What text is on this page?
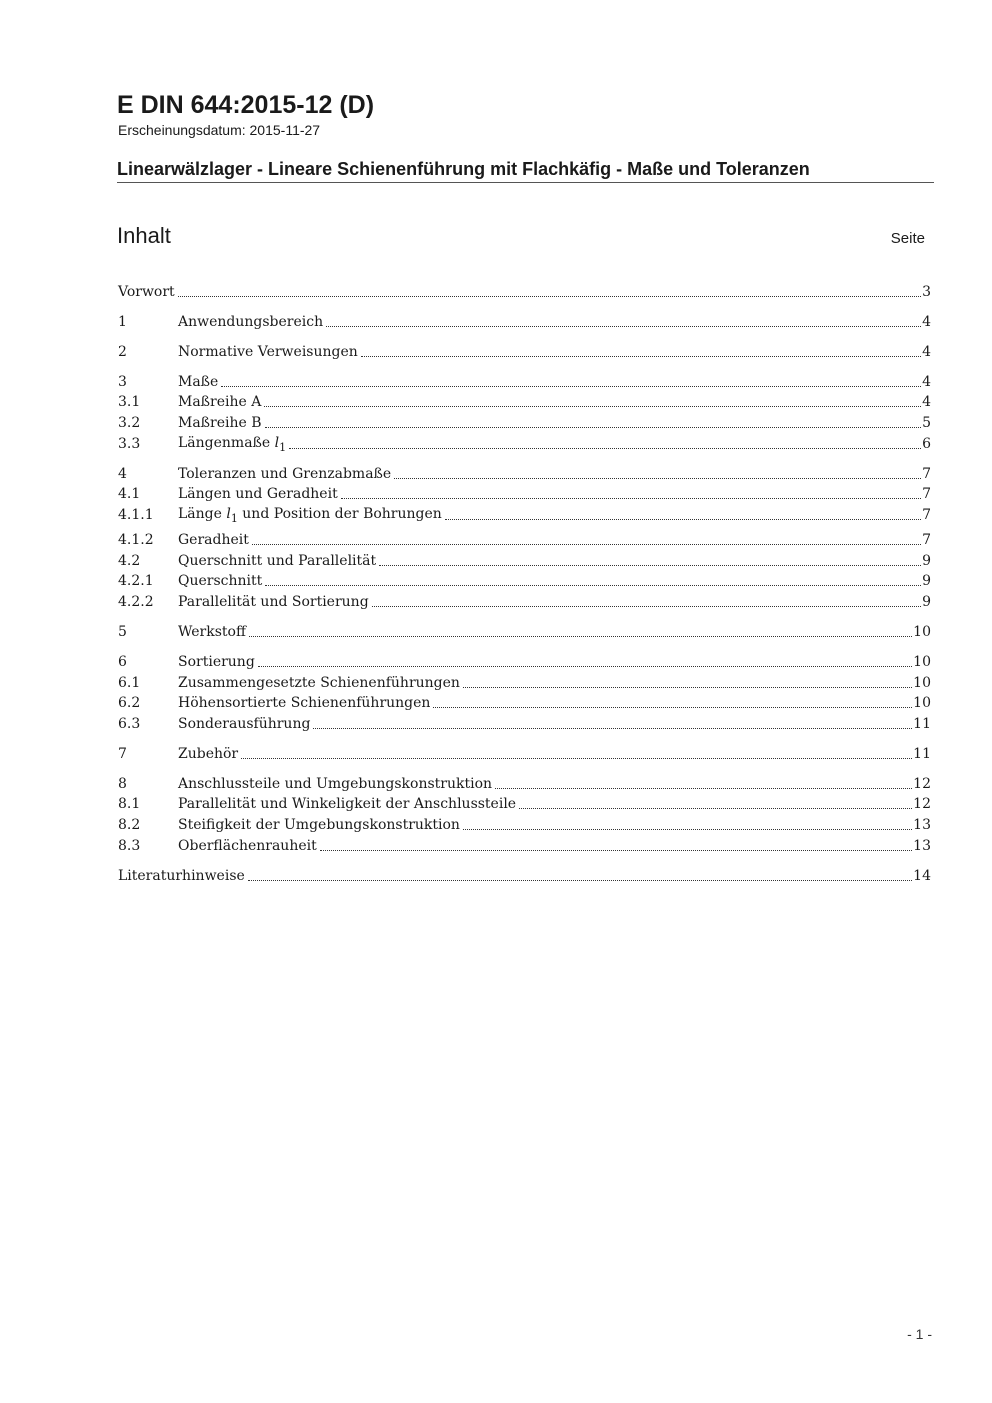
E DIN 644:2015-12 (D)
Erscheinungsdatum: 2015-11-27
Linearwälzlager - Lineare Schienenführung mit Flachkäfig - Maße und Toleranzen
Inhalt	Seite
Vorwort	3
1	Anwendungsbereich	4
2	Normative Verweisungen	4
3	Maße	4
3.1	Maßreihe A	4
3.2	Maßreihe B	5
3.3	Längenmaße $l_1$	6
4	Toleranzen und Grenzabmaße	7
4.1	Längen und Geradheit	7
4.1.1	Länge $l_1$ und Position der Bohrungen	7
4.1.2	Geradheit	7
4.2	Querschnitt und Parallelität	9
4.2.1	Querschnitt	9
4.2.2	Parallelität und Sortierung	9
5	Werkstoff	10
6	Sortierung	10
6.1	Zusammengesetzte Schienenführungen	10
6.2	Höhensortierte Schienenführungen	10
6.3	Sonderausführung	11
7	Zubehör	11
8	Anschlussteile und Umgebungskonstruktion	12
8.1	Parallelität und Winkeligkeit der Anschlussteile	12
8.2	Steifigkeit der Umgebungskonstruktion	13
8.3	Oberflächenrauheit	13
Literaturhinweise	14
- 1 -
